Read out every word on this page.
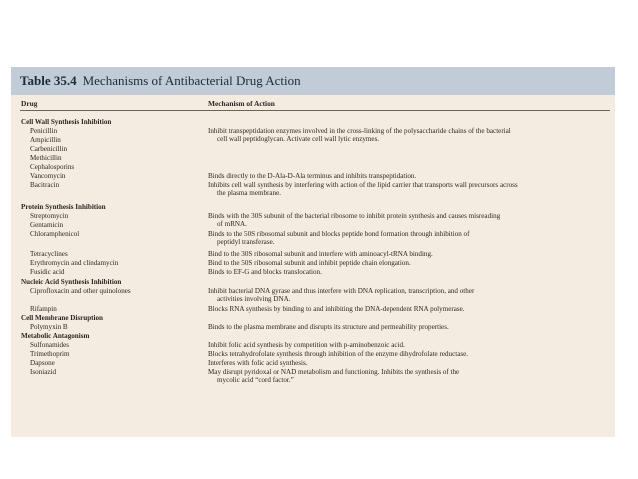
Table 35.4 Mechanisms of Antibacterial Drug Action
Drug	Mechanism of Action
Cell Wall Synthesis Inhibition
Penicillin
Ampicillin
Carbenicillin
Methicillin
Cephalosporins
Vancomycin
Bacitracin
Protein Synthesis Inhibition
Streptomycin
Gentamicin
Chloramphenicol
Tetracyclines
Erythromycin and clindamycin
Fusidic acid
Nucleic Acid Synthesis Inhibition
Ciprofloxacin and other quinolones
Rifampin
Cell Membrane Disruption
Polymyxin B
Metabolic Antagonism
Sulfonamides
Trimethoprim
Dapsone
Isoniazid
Inhibit transpeptidation enzymes involved in the cross-linking of the polysaccharide chains of the bacterial
cell wall peptidoglycan. Activate cell wall lytic enzymes.
Binds directly to the D-Ala-D-Ala terminus and inhibits transpeptidation.
Inhibits cell wall synthesis by interfering with action of the lipid carrier that transports wall precursors across
the plasma membrane.
Binds with the 30S subunit of the bacterial ribosome to inhibit protein synthesis and causes misreading
of mRNA.
Binds to the 50S ribosomal subunit and blocks peptide bond formation through inhibition of
peptidyl transferase.
Bind to the 30S ribosomal subunit and interfere with aminoacyl-tRNA binding.
Bind to the 50S ribosomal subunit and inhibit peptide chain elongation.
Binds to EF-G and blocks translocation.
Inhibit bacterial DNA gyrase and thus interfere with DNA replication, transcription, and other
activities involving DNA.
Blocks RNA synthesis by binding to and inhibiting the DNA-dependent RNA polymerase.
Binds to the plasma membrane and disrupts its structure and permeability properties.
Inhibit folic acid synthesis by competition with p-aminobenzoic acid.
Blocks tetrahydrofolate synthesis through inhibition of the enzyme dihydrofolate reductase.
Interferes with folic acid synthesis.
May disrupt pyridoxal or NAD metabolism and functioning. Inhibits the synthesis of the
mycolic acid “cord factor.”
